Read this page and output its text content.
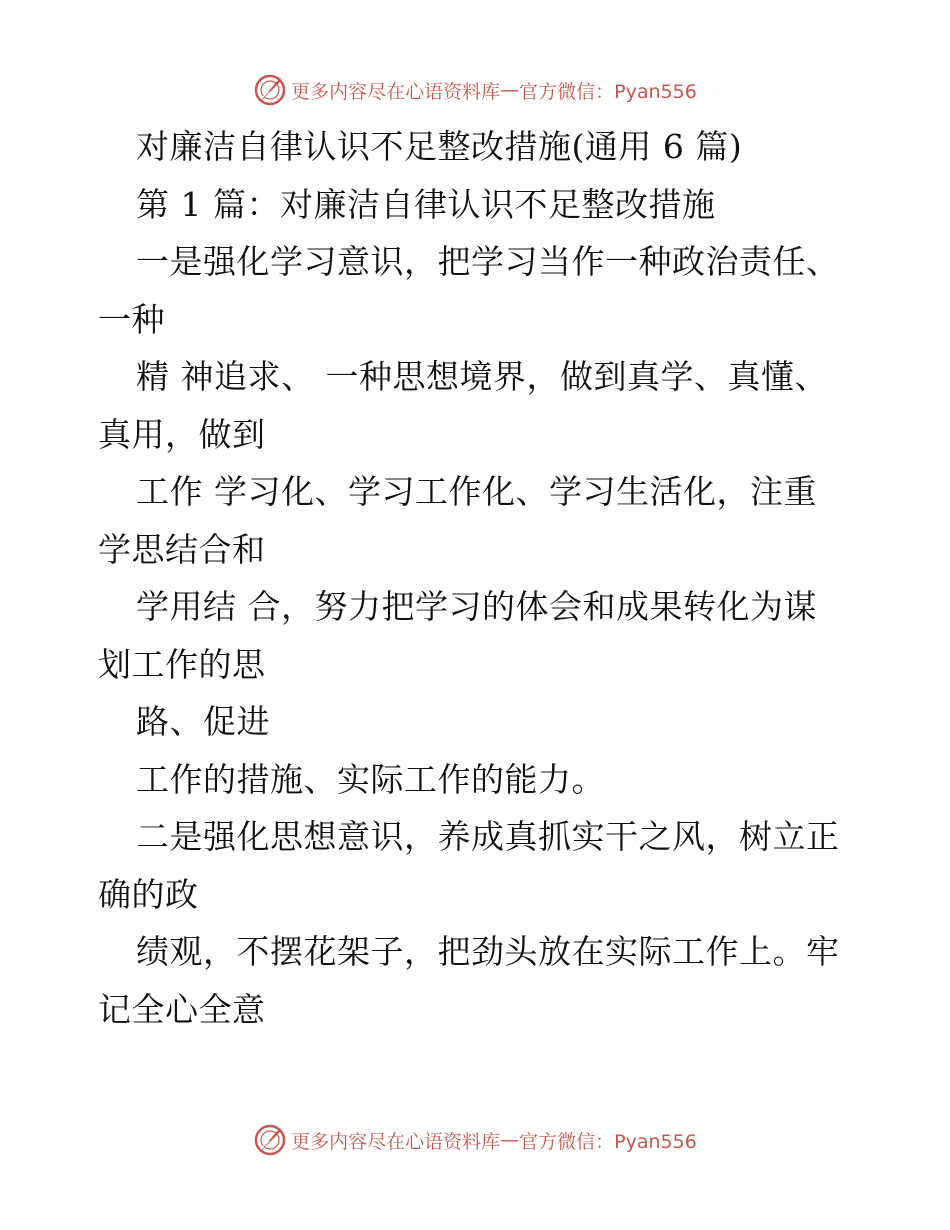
更多内容尽在心语资料库 — 官方微信：Pyan556
对廉洁自律认识不足整改措施(通用 6 篇)
第 1 篇：对廉洁自律认识不足整改措施
一是强化学习意识，把学习当作一种政治责任、
一种
精 神追求、 一种思想境界，做到真学、真懂、
真用，做到
工作 学习化、学习工作化、学习生活化，注重
学思结合和
学用结 合，努力把学习的体会和成果转化为谋
划工作的思
路、促进
工作的措施、实际工作的能力。
二是强化思想意识，养成真抓实干之风，树立正
确的政
绩观，不摆花架子，把劲头放在实际工作上。牢
记全心全意
更多内容尽在心语资料库 — 官方微信：Pyan556
